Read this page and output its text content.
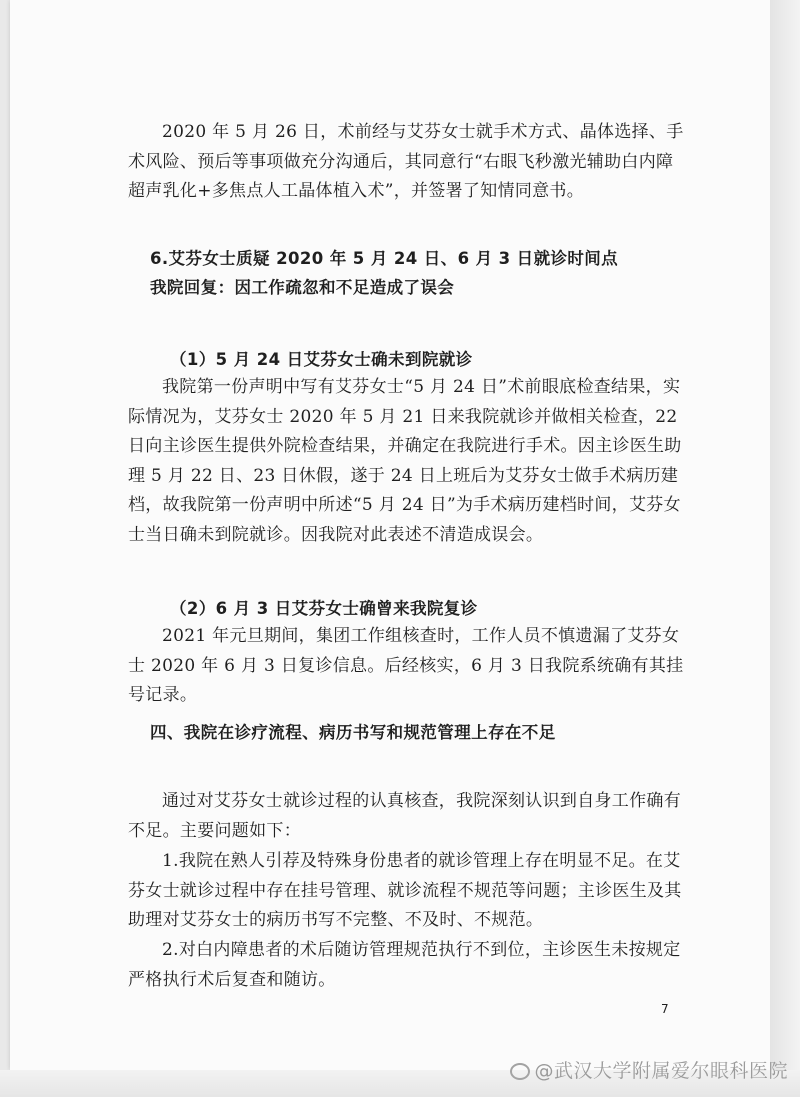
2020 年 5 月 26 日，术前经与艾芬女士就手术方式、晶体选择、手术风险、预后等事项做充分沟通后，其同意行“右眼飞秒激光辅助白内障超声乳化+多焦点人工晶体植入术”，并签署了知情同意书。

6.艾芬女士质疑 2020 年 5 月 24 日、6 月 3 日就诊时间点

我院回复：因工作疏忽和不足造成了误会

（1）5 月 24 日艾芬女士确未到院就诊

我院第一份声明中写有艾芬女士“5 月 24 日”术前眼底检查结果，实际情况为，艾芬女士 2020 年 5 月 21 日来我院就诊并做相关检查，22 日向主诊医生提供外院检查结果，并确定在我院进行手术。因主诊医生助理 5 月 22 日、23 日休假，遂于 24 日上班后为艾芬女士做手术病历建档，故我院第一份声明中所述“5 月 24 日”为手术病历建档时间，艾芬女士当日确未到院就诊。因我院对此表述不清造成误会。

（2）6 月 3 日艾芬女士确曾来我院复诊

2021 年元旦期间，集团工作组核查时，工作人员不慎遗漏了艾芬女士 2020 年 6 月 3 日复诊信息。后经核实，6 月 3 日我院系统确有其挂号记录。

四、我院在诊疗流程、病历书写和规范管理上存在不足

通过对艾芬女士就诊过程的认真核查，我院深刻认识到自身工作确有不足。主要问题如下：

1.我院在熟人引荐及特殊身份患者的就诊管理上存在明显不足。在艾芬女士就诊过程中存在挂号管理、就诊流程不规范等问题；主诊医生及其助理对艾芬女士的病历书写不完整、不及时、不规范。

2.对白内障患者的术后随访管理规范执行不到位，主诊医生未按规定严格执行术后复查和随访。

7
@武汉大学附属爱尔眼科医院
